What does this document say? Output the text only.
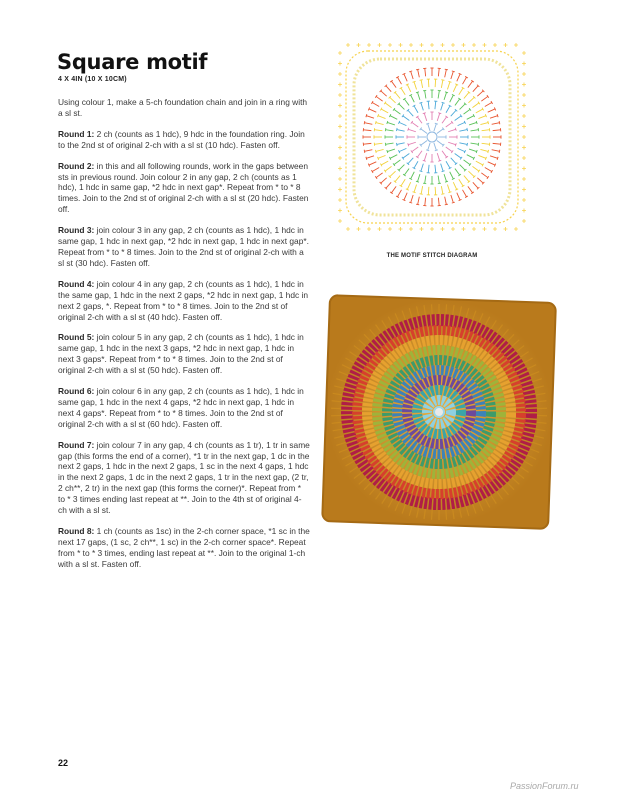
Square motif
4 X 4IN (10 X 10CM)

Using colour 1, make a 5-ch foundation chain and join in a ring with a sl st.

Round 1: 2 ch (counts as 1 hdc), 9 hdc in the foundation ring. Join to the 2nd st of original 2-ch with a sl st (10 hdc). Fasten off.

Round 2: in this and all following rounds, work in the gaps between sts in previous round. Join colour 2 in any gap, 2 ch (counts as 1 hdc), 1 hdc in same gap, *2 hdc in next gap*. Repeat from * to * 8 times. Join to the 2nd st of original 2-ch with a sl st (20 hdc). Fasten off.

Round 3: join colour 3 in any gap, 2 ch (counts as 1 hdc), 1 hdc in same gap, 1 hdc in next gap, *2 hdc in next gap, 1 hdc in next gap*. Repeat from * to * 8 times. Join to the 2nd st of original 2-ch with a sl st (30 hdc). Fasten off.

Round 4: join colour 4 in any gap, 2 ch (counts as 1 hdc), 1 hdc in the same gap, 1 hdc in the next 2 gaps, *2 hdc in next gap, 1 hdc in next 2 gaps, *. Repeat from * to * 8 times. Join to the 2nd st of original 2-ch with a sl st (40 hdc). Fasten off.

Round 5: join colour 5 in any gap, 2 ch (counts as 1 hdc), 1 hdc in same gap, 1 hdc in the next 3 gaps, *2 hdc in next gap, 1 hdc in next 3 gaps*. Repeat from * to * 8 times. Join to the 2nd st of original 2-ch with a sl st (50 hdc). Fasten off.

Round 6: join colour 6 in any gap, 2 ch (counts as 1 hdc), 1 hdc in same gap, 1 hdc in the next 4 gaps, *2 hdc in next gap, 1 hdc in next 4 gaps*. Repeat from * to * 8 times. Join to the 2nd st of original 2-ch with a sl st (60 hdc). Fasten off.

Round 7: join colour 7 in any gap, 4 ch (counts as 1 tr), 1 tr in same gap (this forms the end of a corner), *1 tr in the next gap, 1 dc in the next 2 gaps, 1 hdc in the next 2 gaps, 1 sc in the next 4 gaps, 1 hdc in the next 2 gaps, 1 dc in the next 2 gaps, 1 tr in the next gap, (2 tr, 2 ch**, 2 tr) in the next gap (this forms the corner)*. Repeat from * to * 3 times ending last repeat at **. Join to the 4th st of original 4-ch with a sl st.

Round 8: 1 ch (counts as 1sc) in the 2-ch corner space, *1 sc in the next 17 gaps, (1 sc, 2 ch**, 1 sc) in the 2-ch corner space*. Repeat from * to * 3 times, ending last repeat at **. Join to the original 1-ch with a sl st. Fasten off.

THE MOTIF STITCH DIAGRAM
22
PassionForum.ru
